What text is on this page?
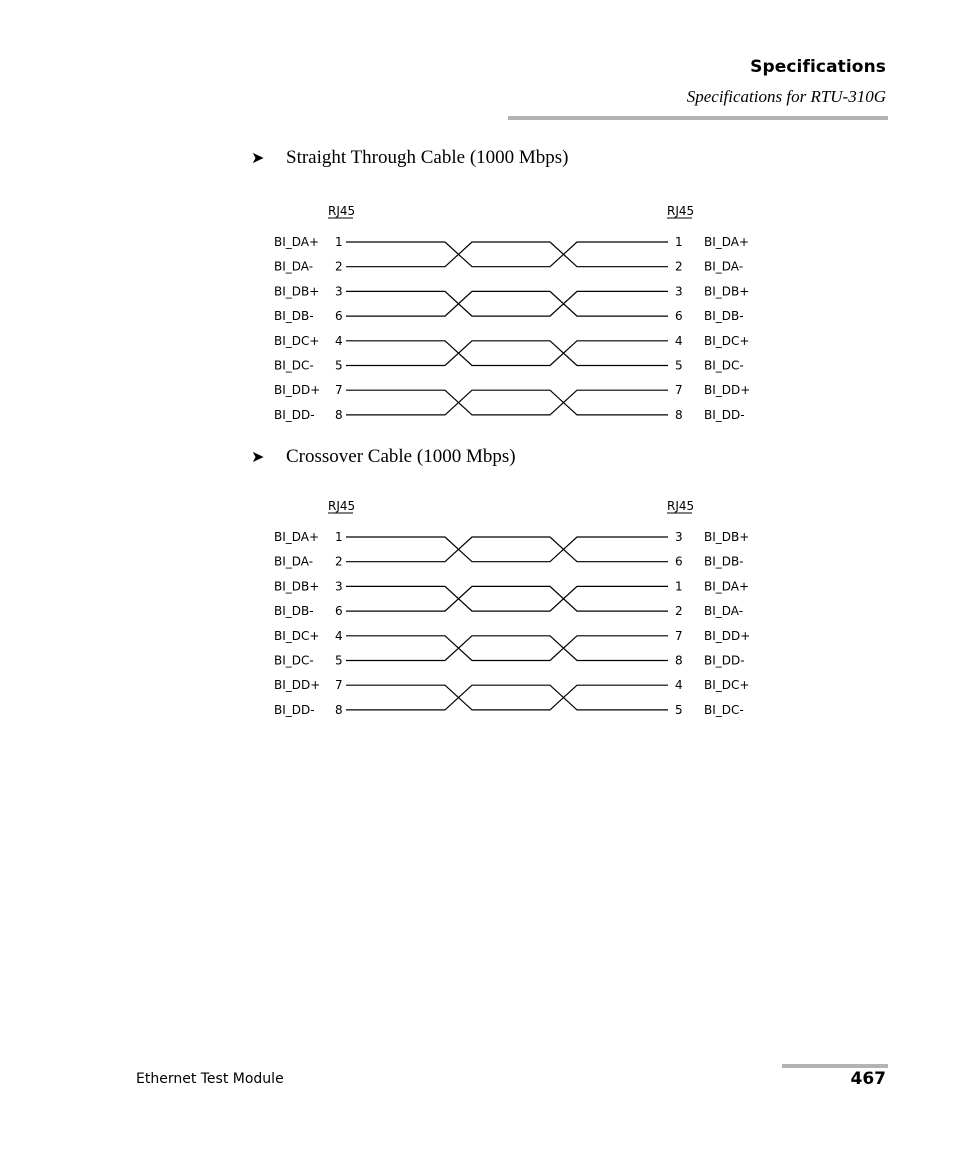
Specifications
Specifications for RTU-310G
➤ Straight Through Cable (1000 Mbps)
RJ45	RJ45
BI_DA+ 1	1 BI_DA+
BI_DA- 2	2 BI_DA-
BI_DB+ 3	3 BI_DB+
BI_DB- 6	6 BI_DB-
BI_DC+ 4	4 BI_DC+
BI_DC- 5	5 BI_DC-
BI_DD+ 7	7 BI_DD+
BI_DD- 8	8 BI_DD-
➤ Crossover Cable (1000 Mbps)
RJ45	RJ45
BI_DA+ 1	3 BI_DB+
BI_DA- 2	6 BI_DB-
BI_DB+ 3	1 BI_DA+
BI_DB- 6	2 BI_DA-
BI_DC+ 4	7 BI_DD+
BI_DC- 5	8 BI_DD-
BI_DD+ 7	4 BI_DC+
BI_DD- 8	5 BI_DC-
Ethernet Test Module	467
